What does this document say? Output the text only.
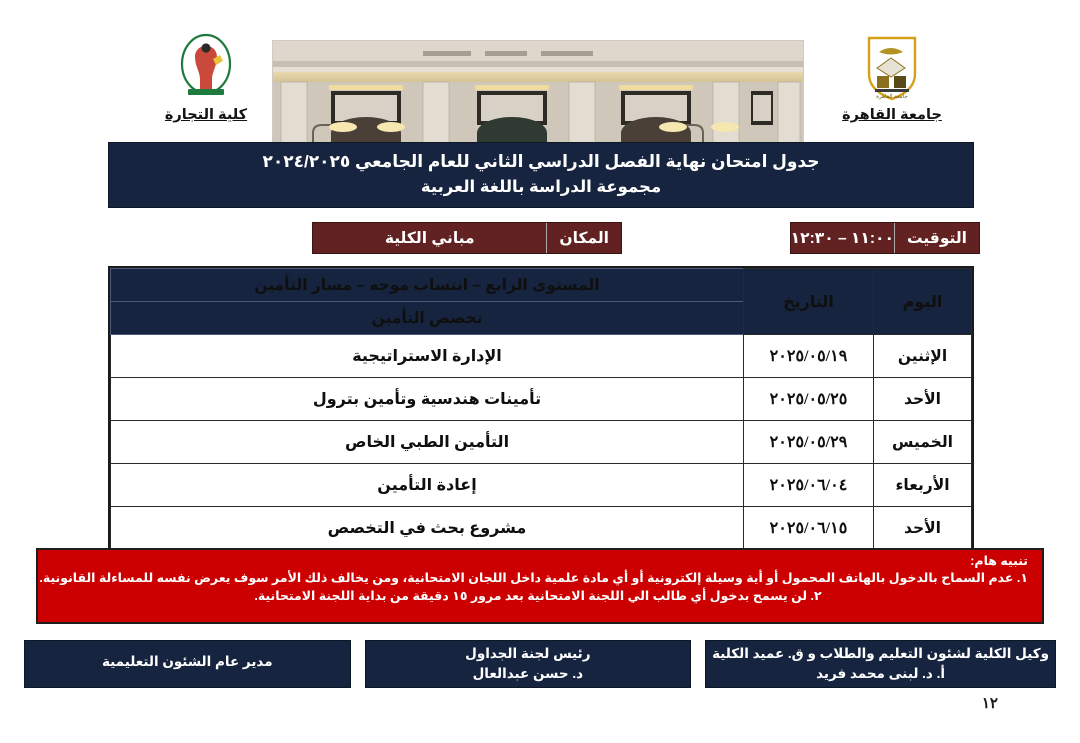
كلية التجارة
جامعة القاهرة
جامعة القاهرة
جدول امتحان نهاية الفصل الدراسي الثاني للعام الجامعي ٢٠٢٤/٢٠٢٥
مجموعة الدراسة باللغة العربية
التوقيت
١١:٠٠ – ١٢:٣٠ ظهراً
المكان
مباني الكلية
اليوم	التاريخ	المستوى الرابع – انتساب موجه – مسار التأمين
		تخصص التأمين
الإثنين	٢٠٢٥/٠٥/١٩	الإدارة الاستراتيجية
الأحد	٢٠٢٥/٠٥/٢٥	تأمينات هندسية وتأمين بترول
الخميس	٢٠٢٥/٠٥/٢٩	التأمين الطبي الخاص
الأربعاء	٢٠٢٥/٠٦/٠٤	إعادة التأمين
الأحد	٢٠٢٥/٠٦/١٥	مشروع بحث في التخصص
تنبيه هام:
١. عدم السماح بالدخول بالهاتف المحمول أو أية وسيلة إلكترونية أو أي مادة علمية داخل اللجان الامتحانية، ومن يخالف ذلك الأمر سوف يعرض نفسه للمساءلة القانونية.
٢. لن يسمح بدخول أي طالب الي اللجنة الامتحانية بعد مرور ١٥ دقيقة من بداية اللجنة الامتحانية.
وكيل الكلية لشئون التعليم والطلاب و ق. عميد الكلية
أ. د. لبنى محمد فريد
رئيس لجنة الجداول
د. حسن عبدالعال
مدير عام الشئون التعليمية
١٢
